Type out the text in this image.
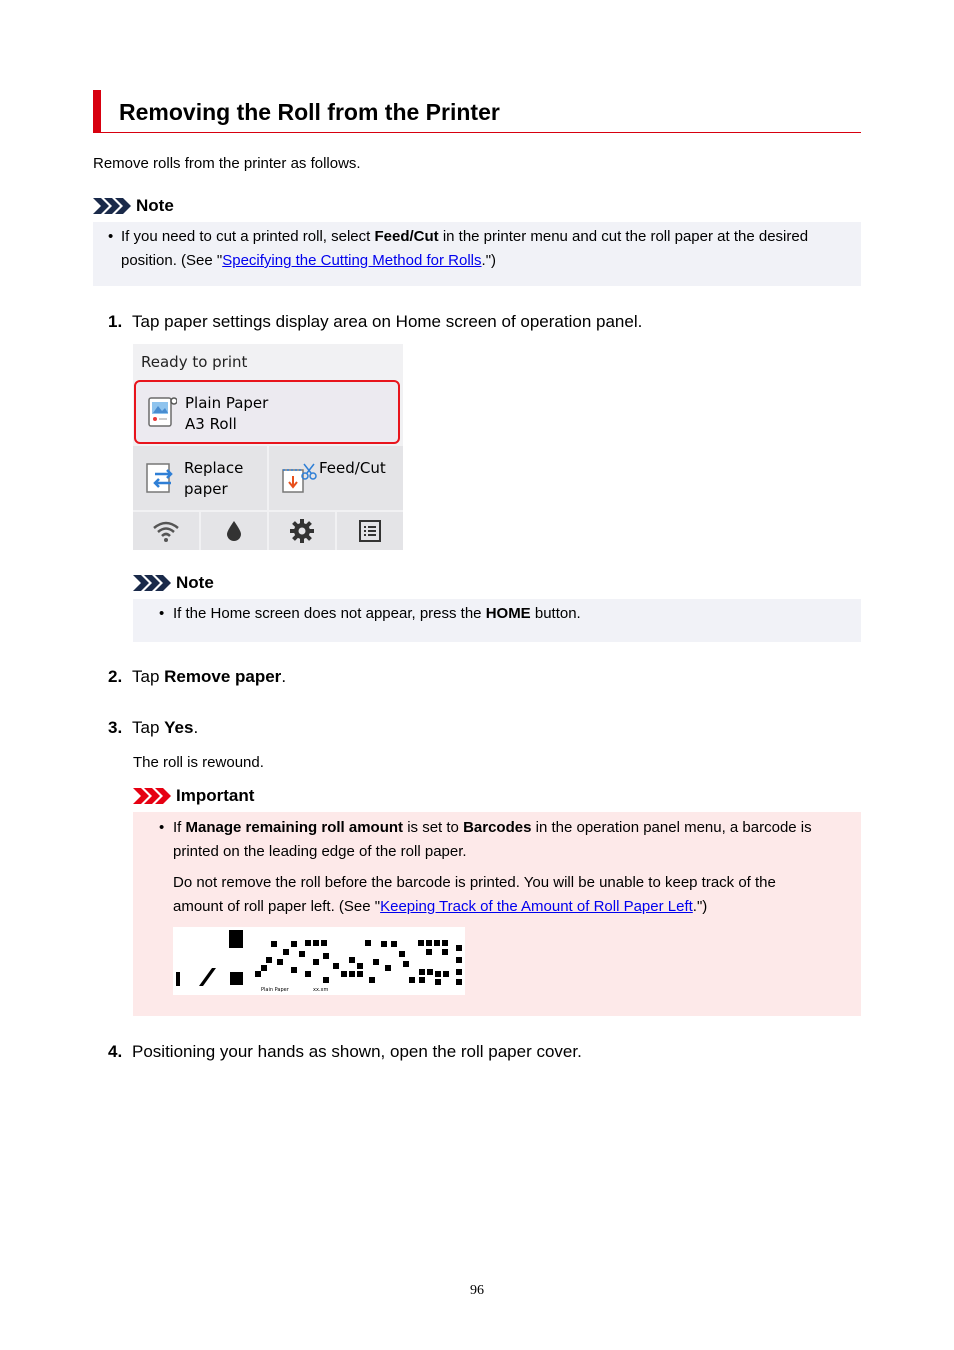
Removing the Roll from the Printer
Remove rolls from the printer as follows.
Note
• If you need to cut a printed roll, select Feed/Cut in the printer menu and cut the roll paper at the desired
position. (See "Specifying the Cutting Method for Rolls.")
1. Tap paper settings display area on Home screen of operation panel.
Ready to print
Plain Paper
A3 Roll
Replace
paper
Feed/Cut
Note
• If the Home screen does not appear, press the HOME button.
2. Tap Remove paper.
3. Tap Yes.
The roll is rewound.
Important
• If Manage remaining roll amount is set to Barcodes in the operation panel menu, a barcode is
printed on the leading edge of the roll paper.
Do not remove the roll before the barcode is printed. You will be unable to keep track of the
amount of roll paper left. (See "Keeping Track of the Amount of Roll Paper Left.")
Plain Paper	xx.xm
4. Positioning your hands as shown, open the roll paper cover.
96
